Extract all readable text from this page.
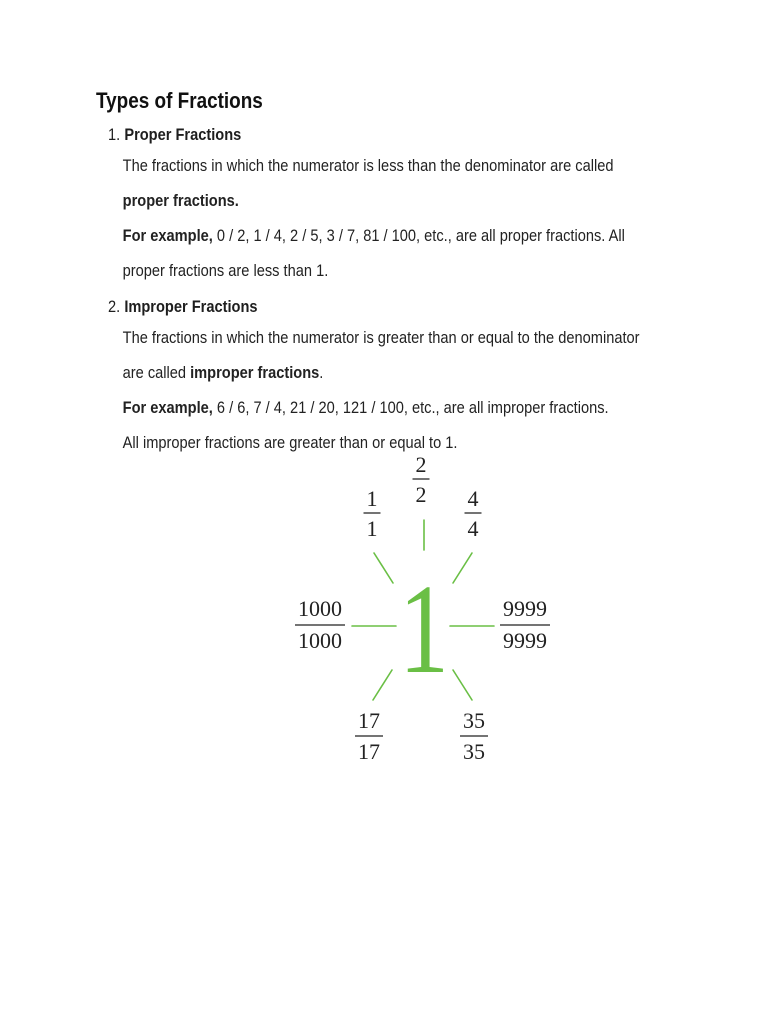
Types of Fractions
1. Proper Fractions
The fractions in which the numerator is less than the denominator are called proper fractions.
For example, 0 / 2, 1 / 4, 2 / 5, 3 / 7, 81 / 100, etc., are all proper fractions. All proper fractions are less than 1.
2. Improper Fractions
The fractions in which the numerator is greater than or equal to the denominator are called improper fractions.
For example, 6 / 6, 7 / 4, 21 / 20, 121 / 100, etc., are all improper fractions.
All improper fractions are greater than or equal to 1.
1
2
2
1
1
4
4
1000
1000
9999
9999
17
17
35
35
